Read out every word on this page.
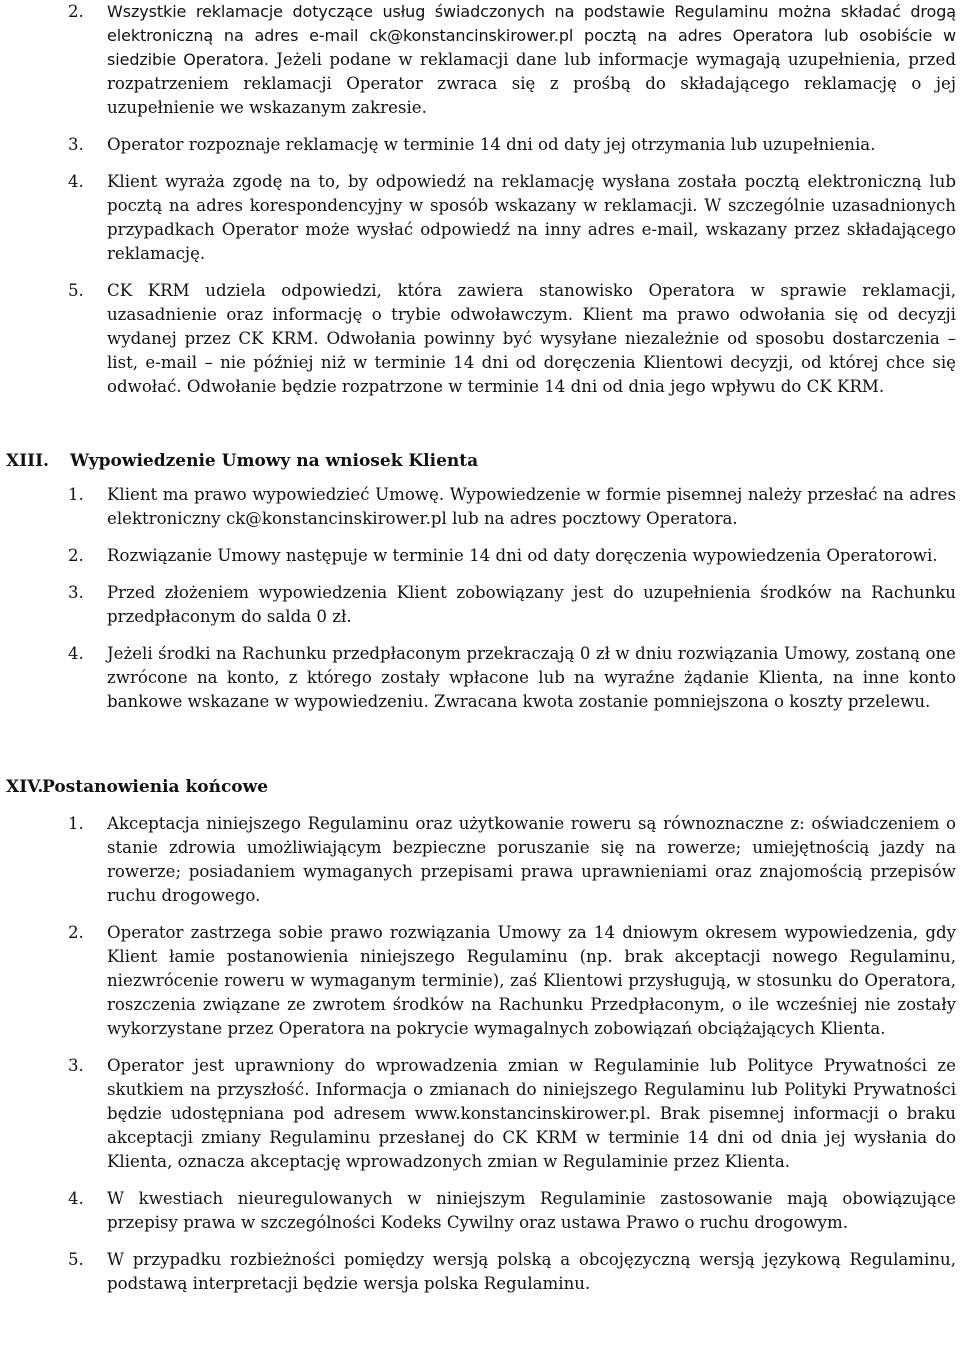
2.	Wszystkie reklamacje dotyczące usług świadczonych na podstawie Regulaminu można składać drogą elektroniczną na adres e-mail ck@konstancinskirower.pl pocztą na adres Operatora lub osobiście w siedzibie Operatora. Jeżeli podane w reklamacji dane lub informacje wymagają uzupełnienia, przed rozpatrzeniem reklamacji Operator zwraca się z prośbą do składającego reklamację o jej uzupełnienie we wskazanym zakresie.
3.	Operator rozpoznaje reklamację w terminie 14 dni od daty jej otrzymania lub uzupełnienia.
4.	Klient wyraża zgodę na to, by odpowiedź na reklamację wysłana została pocztą elektroniczną lub pocztą na adres korespondencyjny w sposób wskazany w reklamacji. W szczególnie uzasadnionych przypadkach Operator może wysłać odpowiedź na inny adres e-mail, wskazany przez składającego reklamację.
5.	CK KRM udziela odpowiedzi, która zawiera stanowisko Operatora w sprawie reklamacji, uzasadnienie oraz informację o trybie odwoławczym. Klient ma prawo odwołania się od decyzji wydanej przez CK KRM. Odwołania powinny być wysyłane niezależnie od sposobu dostarczenia – list, e-mail – nie później niż w terminie 14 dni od doręczenia Klientowi decyzji, od której chce się odwołać. Odwołanie będzie rozpatrzone w terminie 14 dni od dnia jego wpływu do CK KRM.
XIII. Wypowiedzenie Umowy na wniosek Klienta
1.	Klient ma prawo wypowiedzieć Umowę. Wypowiedzenie w formie pisemnej należy przesłać na adres elektroniczny ck@konstancinskirower.pl lub na adres pocztowy Operatora.
2.	Rozwiązanie Umowy następuje w terminie 14 dni od daty doręczenia wypowiedzenia Operatorowi.
3.	Przed złożeniem wypowiedzenia Klient zobowiązany jest do uzupełnienia środków na Rachunku przedpłaconym do salda 0 zł.
4.	Jeżeli środki na Rachunku przedpłaconym przekraczają 0 zł w dniu rozwiązania Umowy, zostaną one zwrócone na konto, z którego zostały wpłacone lub na wyraźne żądanie Klienta, na inne konto bankowe wskazane w wypowiedzeniu. Zwracana kwota zostanie pomniejszona o koszty przelewu.
XIV.
Postanowienia końcowe
1.	Akceptacja niniejszego Regulaminu oraz użytkowanie roweru są równoznaczne z: oświadczeniem o stanie zdrowia umożliwiającym bezpieczne poruszanie się na rowerze; umiejętnością jazdy na rowerze; posiadaniem wymaganych przepisami prawa uprawnieniami oraz znajomością przepisów ruchu drogowego.
2.	Operator zastrzega sobie prawo rozwiązania Umowy za 14 dniowym okresem wypowiedzenia, gdy Klient łamie postanowienia niniejszego Regulaminu (np. brak akceptacji nowego Regulaminu, niezwrócenie roweru w wymaganym terminie), zaś Klientowi przysługują, w stosunku do Operatora, roszczenia związane ze zwrotem środków na Rachunku Przedpłaconym, o ile wcześniej nie zostały wykorzystane przez Operatora na pokrycie wymagalnych zobowiązań obciążających Klienta.
3.	Operator jest uprawniony do wprowadzenia zmian w Regulaminie lub Polityce Prywatności ze skutkiem na przyszłość. Informacja o zmianach do niniejszego Regulaminu lub Polityki Prywatności będzie udostępniana pod adresem www.konstancinskirower.pl. Brak pisemnej informacji o braku akceptacji zmiany Regulaminu przesłanej do CK KRM w terminie 14 dni od dnia jej wysłania do Klienta, oznacza akceptację wprowadzonych zmian w Regulaminie przez Klienta.
4.	W kwestiach nieuregulowanych w niniejszym Regulaminie zastosowanie mają obowiązujące przepisy prawa w szczególności Kodeks Cywilny oraz ustawa Prawo o ruchu drogowym.
5.	W przypadku rozbieżności pomiędzy wersją polską a obcojęzyczną wersją językową Regulaminu, podstawą interpretacji będzie wersja polska Regulaminu.
